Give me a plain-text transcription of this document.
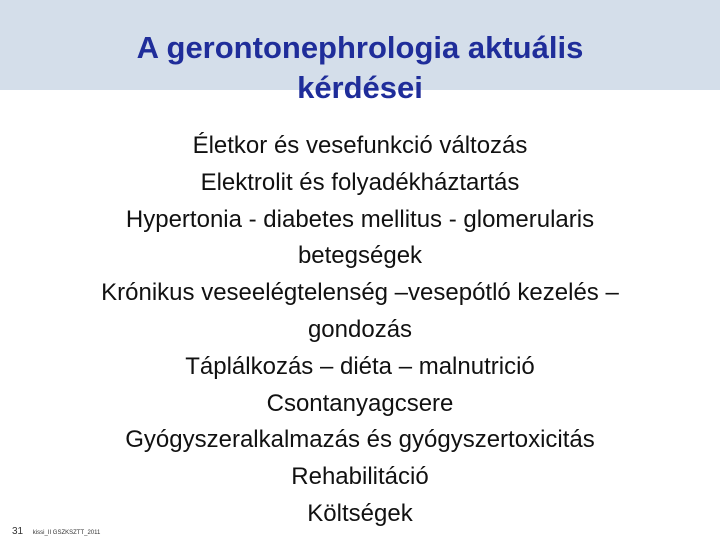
A gerontonephrologia aktuális
kérdései
Életkor és vesefunkció változás
Elektrolit és folyadékháztartás
Hypertonia - diabetes mellitus - glomerularis
betegségek
Krónikus veseelégtelenség –vesepótló kezelés –
gondozás
Táplálkozás – diéta – malnutrició
Csontanyagcsere
Gyógyszeralkalmazás és gyógyszertoxicitás
Rehabilitáció
Költségek
31 kissi_II GSZKSZTT_2011
